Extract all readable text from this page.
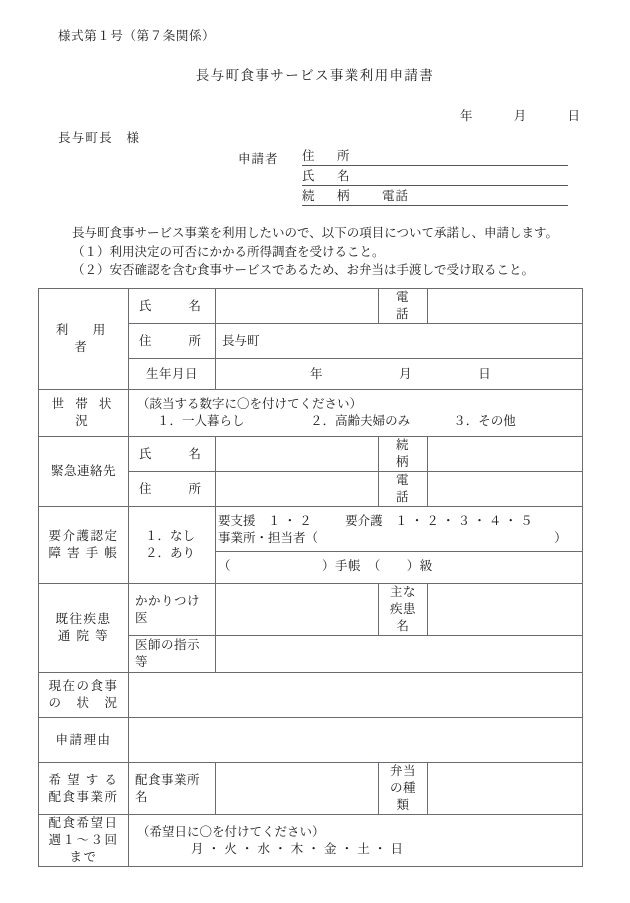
様式第１号（第７条関係）
長与町食事サービス事業利用申請書
年	月	日
長与町長　様
申請者 住　所
氏　名
続　柄 電話
長与町食事サービス事業を利用したいので、以下の項目について承諾し、申請します。
（１）利用決定の可否にかかる所得調査を受けること。
（２）安否確認を含む食事サービスであるため、お弁当は手渡しで受け取ること。
利　用　者	氏　　名		電　話	
住　　所	長与町
生年月日	年	月	日
世 帯 状 況	
（該当する数字に〇を付けてください）
１．一人暮らし	２．高齢夫婦のみ	３．その他

緊急連絡先	氏　　名		続　柄	
住　　所		電　話	

要介護認定
障 害 手 帳

１．なし
２．あり

要支援　１ ・ ２	要介護　１ ・ ２ ・ ３ ・ ４ ・ ５
事業所・担当者（	）

（　　　　　　　）手帳　（　　）級

既往疾患
通 院 等
	かかりつけ医		主な疾患名	
医師の指示等	

現在の食事
の　状　況

申請理由	

希 望 す る
配食事業所
	配食事業所名		弁当の種類	

配食希望日
週１〜３回まで

（希望日に〇を付けてください）
月 ・ 火 ・ 水 ・ 木 ・ 金 ・ 土 ・ 日
